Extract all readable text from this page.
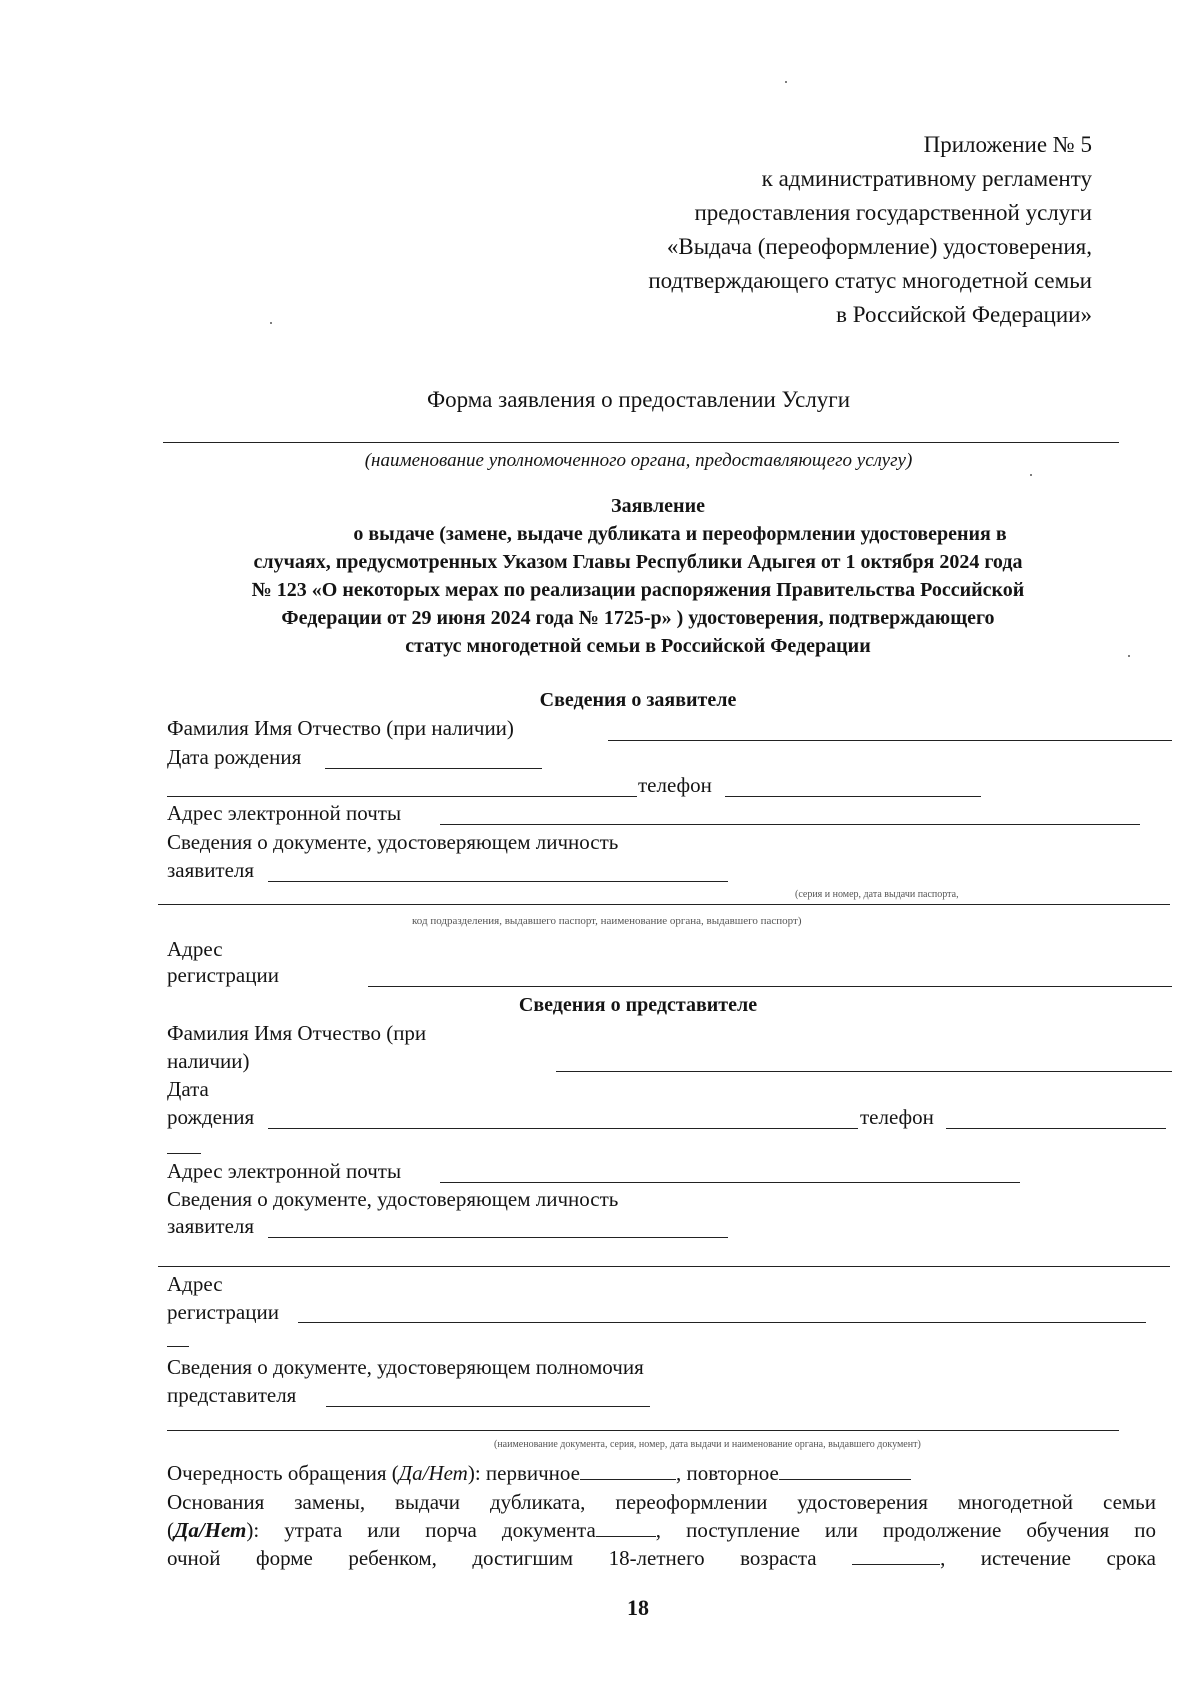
Приложение № 5
к административному регламенту
предоставления государственной услуги
«Выдача (переоформление) удостоверения,
подтверждающего статус многодетной семьи
в Российской Федерации»
Форма заявления о предоставлении Услуги
(наименование уполномоченного органа, предоставляющего услугу)
Заявление
о выдаче (замене, выдаче дубликата и переоформлении удостоверения в
случаях, предусмотренных Указом Главы Республики Адыгея от 1 октября 2024 года
№ 123 «О некоторых мерах по реализации распоряжения Правительства Российской
Федерации от 29 июня 2024 года № 1725-р» ) удостоверения, подтверждающего
статус многодетной семьи в Российской Федерации
Сведения о заявителе
Фамилия Имя Отчество (при наличии)
Дата рождения
телефон
Адрес электронной почты
Сведения о документе, удостоверяющем личность
заявителя
(серия и номер, дата выдачи паспорта,
код подразделения, выдавшего паспорт, наименование органа, выдавшего паспорт)
Адрес
регистрации
Сведения о представителе
Фамилия Имя Отчество (при
наличии)
Дата
рождения	телефон
Адрес электронной почты
Сведения о документе, удостоверяющем личность
заявителя
Адрес
регистрации
Сведения о документе, удостоверяющем полномочия
представителя
(наименование документа, серия, номер, дата выдачи и наименование органа, выдавшего документ)
Очередность обращения (Да/Нет): первичное	, повторное
Основания замены, выдачи дубликата, переоформлении удостоверения многодетной семьи
(Да/Нет): утрата или порча документа	, поступление или продолжение обучения по
очной форме ребенком, достигшим 18-летнего возраста	, истечение срока
18
